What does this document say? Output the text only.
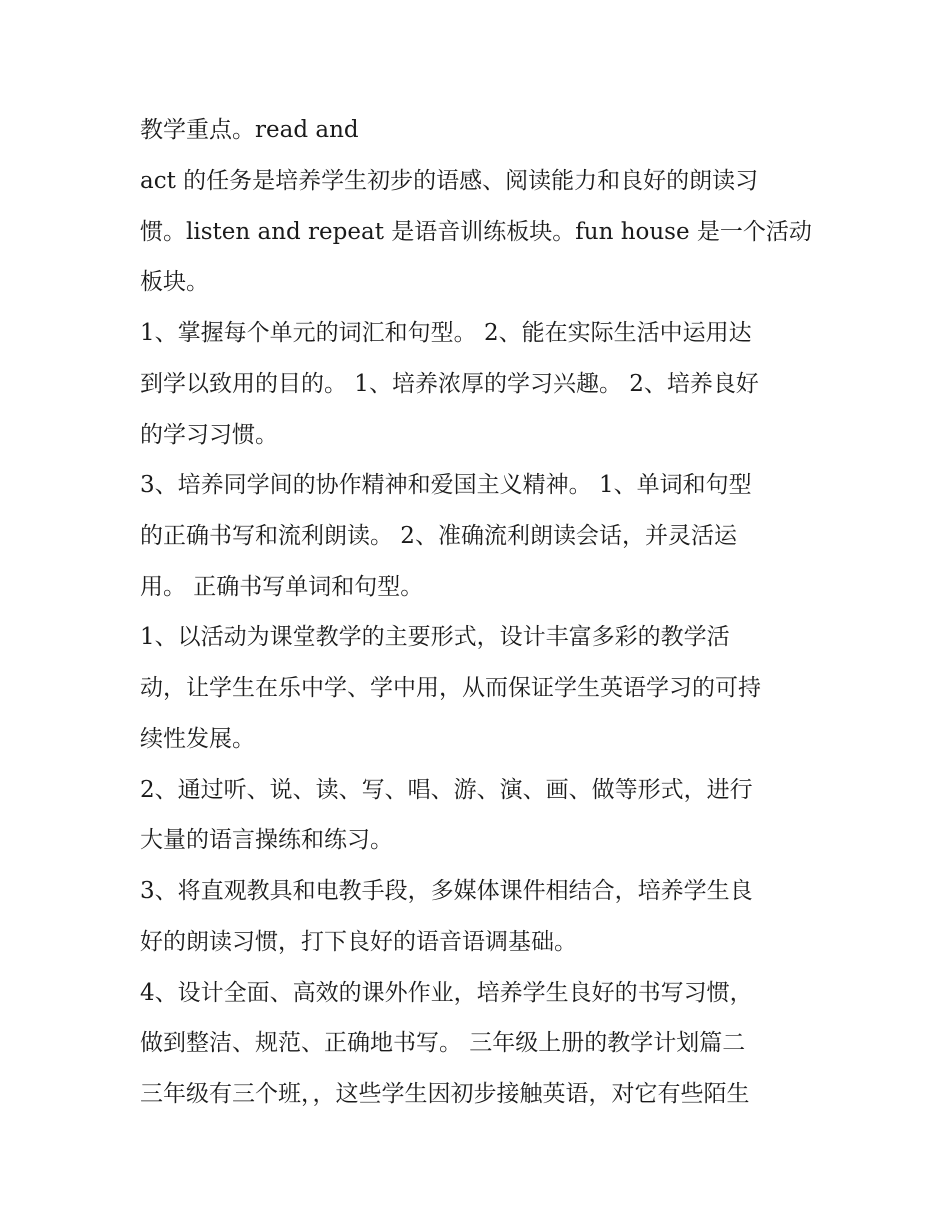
教学重点。read and
act 的任务是培养学生初步的语感、阅读能力和良好的朗读习
惯。listen and repeat 是语音训练板块。fun house 是一个活动
板块。
1、掌握每个单元的词汇和句型。 2、能在实际生活中运用达
到学以致用的目的。 1、培养浓厚的学习兴趣。 2、培养良好
的学习习惯。
3、培养同学间的协作精神和爱国主义精神。 1、单词和句型
的正确书写和流利朗读。 2、准确流利朗读会话，并灵活运
用。 正确书写单词和句型。
1、以活动为课堂教学的主要形式，设计丰富多彩的教学活
动，让学生在乐中学、学中用，从而保证学生英语学习的可持
续性发展。
2、通过听、说、读、写、唱、游、演、画、做等形式，进行
大量的语言操练和练习。
3、将直观教具和电教手段，多媒体课件相结合，培养学生良
好的朗读习惯，打下良好的语音语调基础。
4、设计全面、高效的课外作业，培养学生良好的书写习惯，
做到整洁、规范、正确地书写。 三年级上册的教学计划篇二
三年级有三个班，，这些学生因初步接触英语，对它有些陌生
